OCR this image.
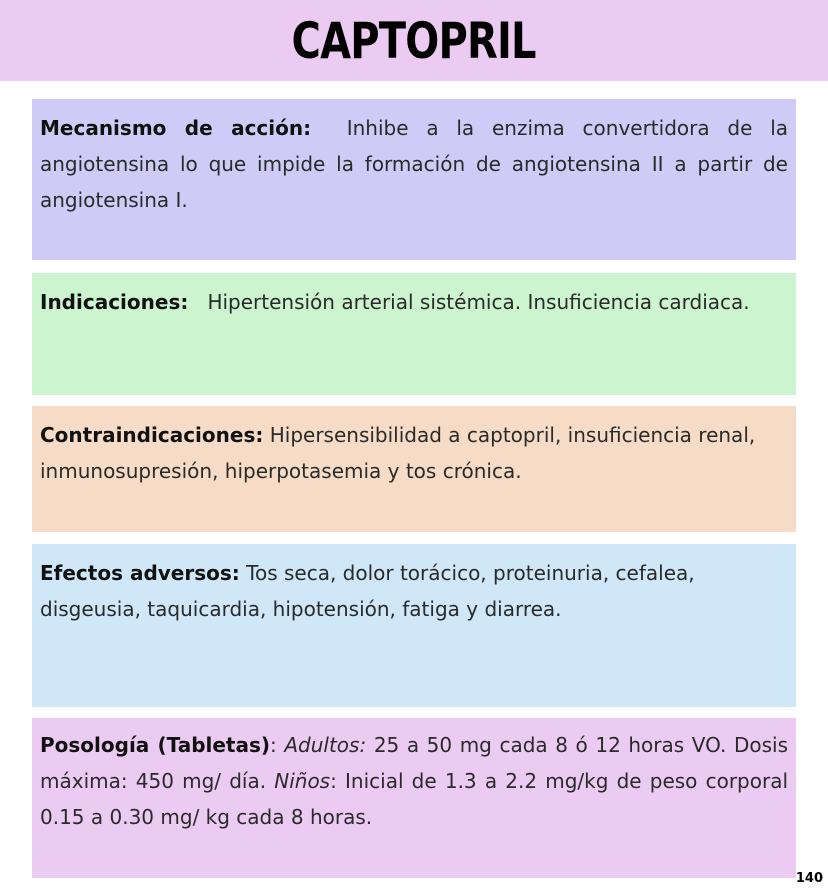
CAPTOPRIL

Mecanismo de acción: Inhibe a la enzima convertidora de la angiotensina lo que impide la formación de angiotensina II a partir de angiotensina I.

Indicaciones: Hipertensión arterial sistémica. Insuficiencia cardiaca.

Contraindicaciones: Hipersensibilidad a captopril, insuficiencia renal, inmunosupresión, hiperpotasemia y tos crónica.

Efectos adversos: Tos seca, dolor torácico, proteinuria, cefalea, disgeusia, taquicardia, hipotensión, fatiga y diarrea.

Posología (Tabletas): Adultos: 25 a 50 mg cada 8 ó 12 horas VO. Dosis máxima: 450 mg/ día. Niños: Inicial de 1.3 a 2.2 mg/kg de peso corporal 0.15 a 0.30 mg/ kg cada 8 horas.

140
